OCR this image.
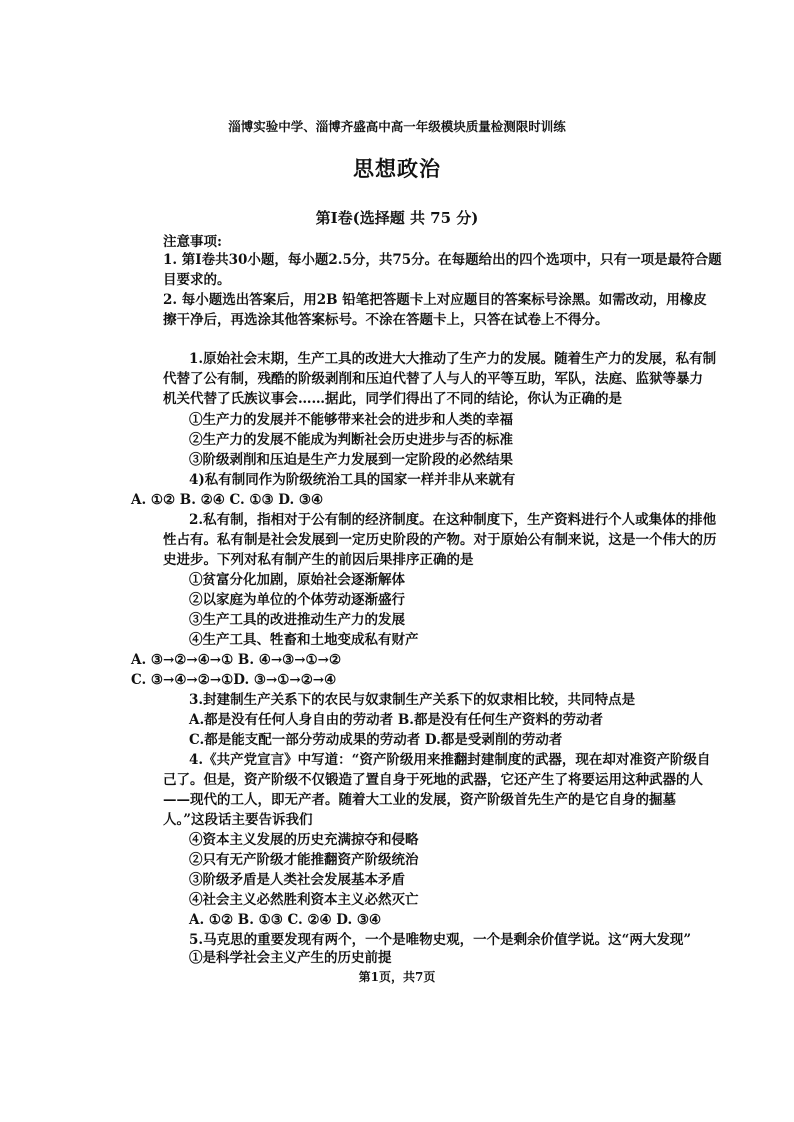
淄博实验中学、淄博齐盛高中高一年级模块质量检测限时训练
思想政治
第Ⅰ卷(选择题 共 75 分)
注意事项:
1. 第Ⅰ卷共30小题，每小题2.5分，共75分。在每题给出的四个选项中，只有一项是最符合题
目要求的。
2. 每小题选出答案后，用2B 铅笔把答题卡上对应题目的答案标号涂黑。如需改动，用橡皮
擦干净后，再选涂其他答案标号。不涂在答题卡上，只答在试卷上不得分。
1.原始社会末期，生产工具的改进大大推动了生产力的发展。随着生产力的发展，私有制
代替了公有制，残酷的阶级剥削和压迫代替了人与人的平等互助，军队，法庭、监狱等暴力
机关代替了氏族议事会……据此，同学们得出了不同的结论，你认为正确的是
①生产力的发展并不能够带来社会的进步和人类的幸福
②生产力的发展不能成为判断社会历史进步与否的标准
③阶级剥削和压迫是生产力发展到一定阶段的必然结果
4)私有制同作为阶级统治工具的国家一样并非从来就有
A. ①② B. ②④ C. ①③ D. ③④
2.私有制，指相对于公有制的经济制度。在这种制度下，生产资料进行个人或集体的排他
性占有。私有制是社会发展到一定历史阶段的产物。对于原始公有制来说，这是一个伟大的历
史进步。下列对私有制产生的前因后果排序正确的是
①贫富分化加剧，原始社会逐渐解体
②以家庭为单位的个体劳动逐渐盛行
③生产工具的改进推动生产力的发展
④生产工具、牲畜和土地变成私有财产
A. ③→②→④→① B. ④→③→①→②
C. ③→④→②→①D. ③→①→②→④
3.封建制生产关系下的农民与奴隶制生产关系下的奴隶相比较，共同特点是
A.都是没有任何人身自由的劳动者 B.都是没有任何生产资料的劳动者
C.都是能支配一部分劳动成果的劳动者 D.都是受剥削的劳动者
4.《共产党宣言》中写道：“资产阶级用来推翻封建制度的武器，现在却对准资产阶级自
己了。但是，资产阶级不仅锻造了置自身于死地的武器，它还产生了将要运用这种武器的人
——现代的工人，即无产者。随着大工业的发展，资产阶级首先生产的是它自身的掘墓
人。”这段话主要告诉我们
④资本主义发展的历史充满掠夺和侵略
②只有无产阶级才能推翻资产阶级统治
③阶级矛盾是人类社会发展基本矛盾
④社会主义必然胜利资本主义必然灭亡
A. ①② B. ①③ C. ②④ D. ③④
5.马克思的重要发现有两个，一个是唯物史观，一个是剩余价值学说。这“两大发现”
①是科学社会主义产生的历史前提
第1页，共7页
